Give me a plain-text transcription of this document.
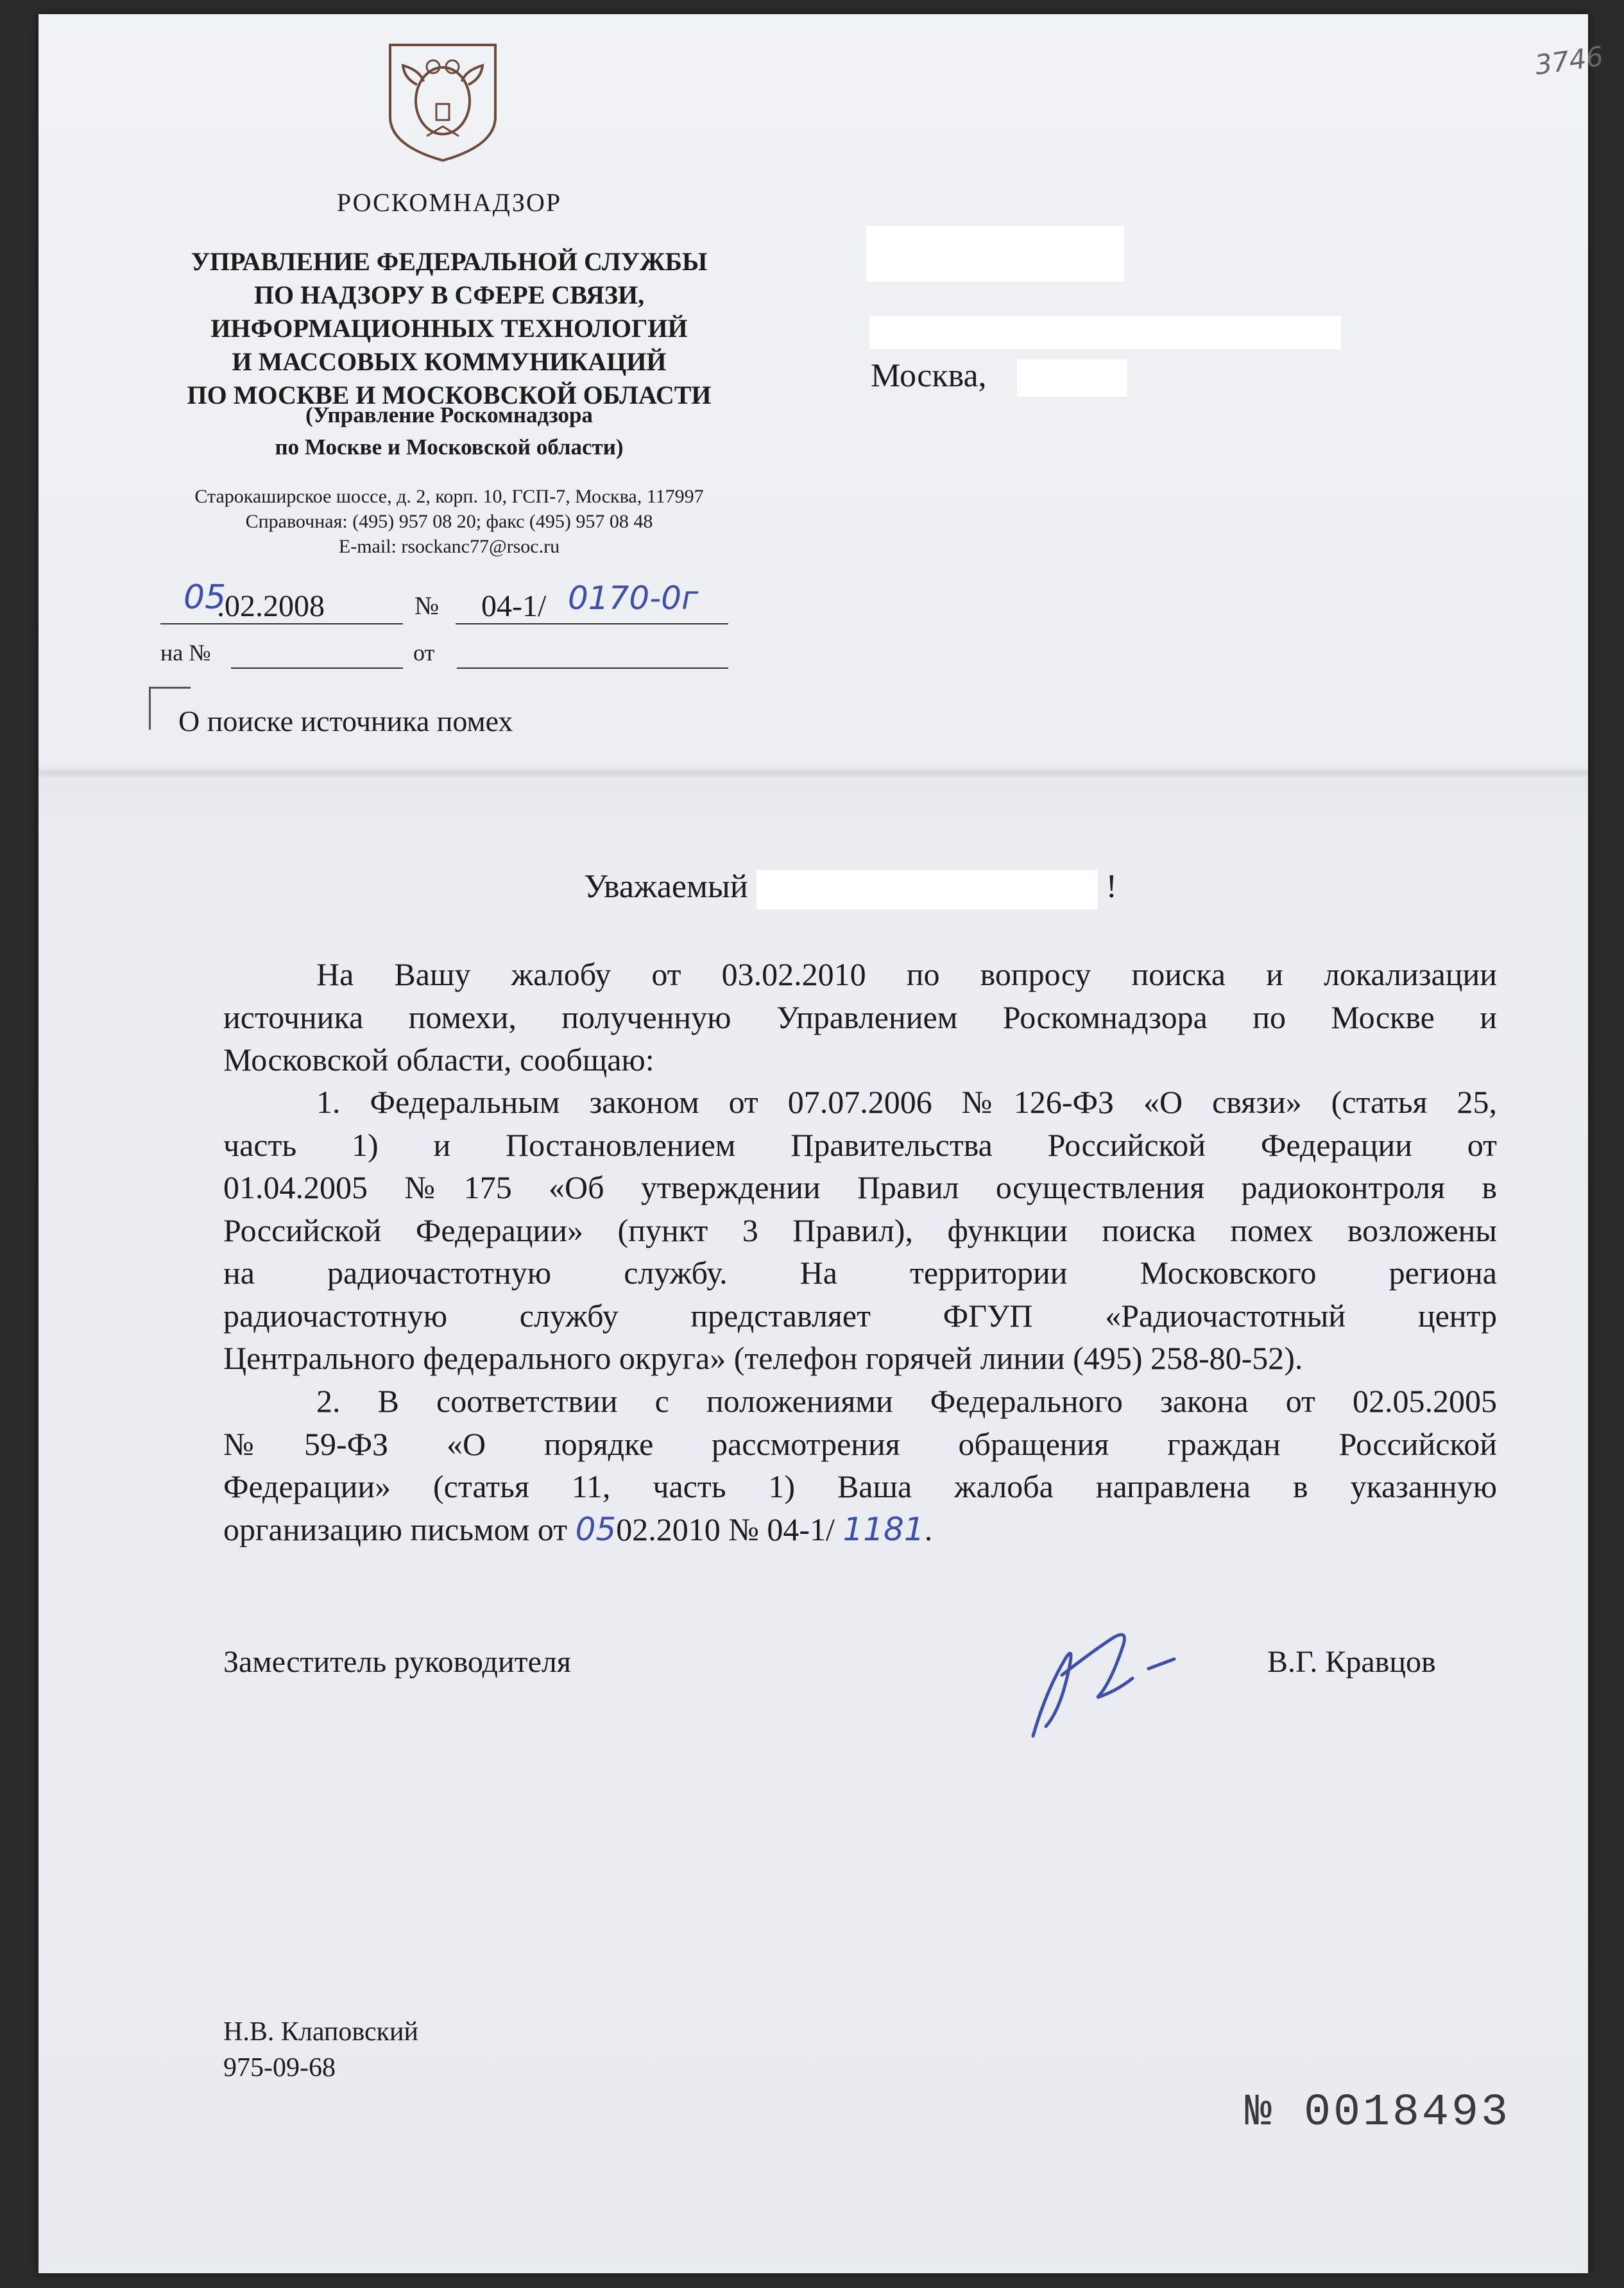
РОСКОМНАДЗОР
УПРАВЛЕНИЕ ФЕДЕРАЛЬНОЙ СЛУЖБЫ
ПО НАДЗОРУ В СФЕРЕ СВЯЗИ,
ИНФОРМАЦИОННЫХ ТЕХНОЛОГИЙ
И МАССОВЫХ КОММУНИКАЦИЙ
ПО МОСКВЕ И МОСКОВСКОЙ ОБЛАСТИ
(Управление Роскомнадзора
по Москве и Московской области)
Старокаширское шоссе, д. 2, корп. 10, ГСП-7, Москва, 117997
Справочная: (495) 957 08 20; факс (495) 957 08 48
E-mail: rsockanc77@rsoc.ru
Москва,
05
.02.2008	№ 04-1/ 0170-0г
на №	от
О поиске источника помех
Уважаемый	!
На Вашу жалобу от 03.02.2010 по вопросу поиска и локализации
источника помехи, полученную Управлением Роскомнадзора по Москве и
Московской области, сообщаю:
1. Федеральным законом от 07.07.2006 №126-ФЗ «О связи» (статья 25,
часть 1) и Постановлением Правительства Российской Федерации от
01.04.2005 №175 «Об утверждении Правил осуществления радиоконтроля в
Российской Федерации» (пункт 3 Правил), функции поиска помех возложены
на радиочастотную службу. На территории Московского региона
радиочастотную службу представляет ФГУП «Радиочастотный центр
Центрального федерального округа» (телефон горячей линии (495) 258-80-52).
2. В соответствии с положениями Федерального закона от 02.05.2005
№59-ФЗ «О порядке рассмотрения обращения граждан Российской
Федерации» (статья 11, часть 1) Ваша жалоба направлена в указанную
организацию письмом от 0502.2010 № 04-1/ 1181.
Заместитель руководителя	В.Г. Кравцов
Н.В. Клаповский
975-09-68
№ 0018493
3746
